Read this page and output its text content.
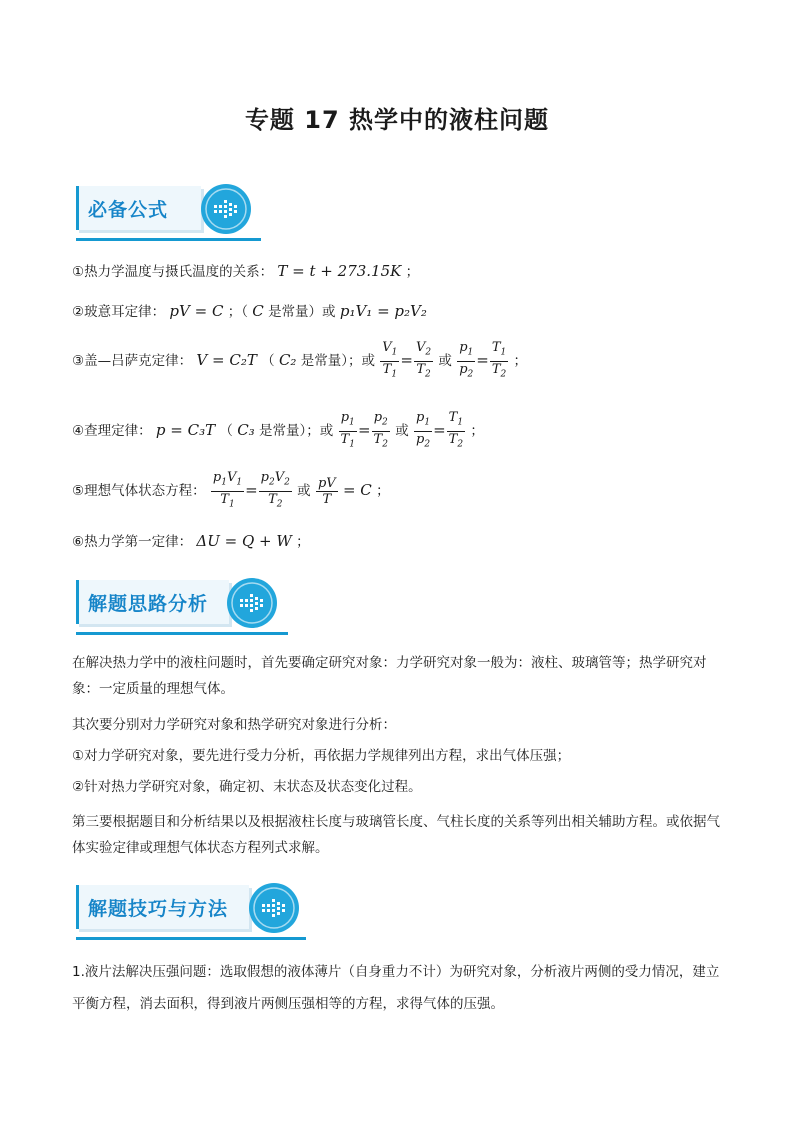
专题 17 热学中的液柱问题
必备公式
①热力学温度与摄氏温度的关系： T = t + 273.15K ；
②玻意耳定律： pV = C ；（ C 是常量）或 p₁V₁ = p₂V₂
③盖—吕萨克定律： V = C₂T （ C₂ 是常量）；或 $\frac{V_1}{T_1} = \frac{V_2}{T_2}$ 或 $\frac{p_1}{p_2} = \frac{T_1}{T_2}$ ；
④查理定律： p = C₃T （ C₃ 是常量）；或 $\frac{p_1}{T_1} = \frac{p_2}{T_2}$ 或 $\frac{p_1}{p_2} = \frac{T_1}{T_2}$ ；
⑤理想气体状态方程： $\frac{p_1V_1}{T_1} = \frac{p_2V_2}{T_2}$ 或 $\frac{pV}{T} = C$ ；
⑥热力学第一定律： ΔU = Q + W ；
解题思路分析
在解决热力学中的液柱问题时，首先要确定研究对象：力学研究对象一般为：液柱、玻璃管等；热学研究对象：一定质量的理想气体。
其次要分别对力学研究对象和热学研究对象进行分析：
①对力学研究对象，要先进行受力分析，再依据力学规律列出方程，求出气体压强；
②针对热力学研究对象，确定初、末状态及状态变化过程。
第三要根据题目和分析结果以及根据液柱长度与玻璃管长度、气柱长度的关系等列出相关辅助方程。或依据气体实验定律或理想气体状态方程列式求解。
解题技巧与方法
1.液片法解决压强问题：选取假想的液体薄片（自身重力不计）为研究对象，分析液片两侧的受力情况，建立平衡方程，消去面积，得到液片两侧压强相等的方程，求得气体的压强。
